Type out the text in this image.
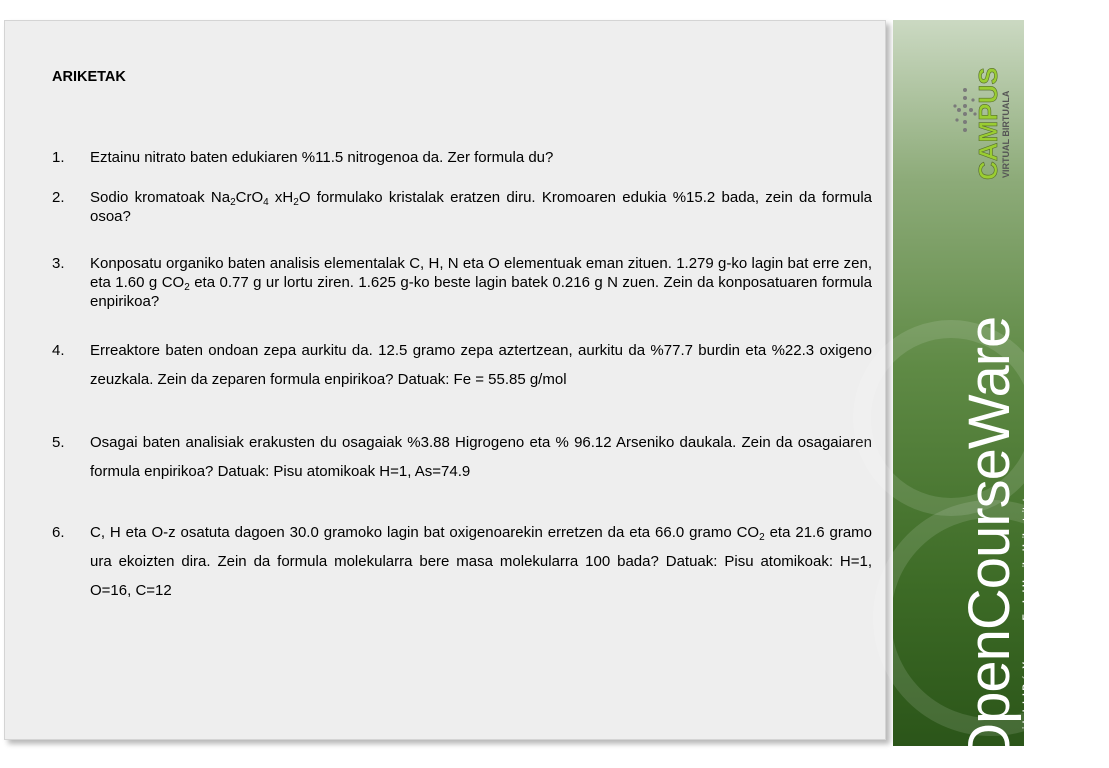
ARIKETAK
1.	Eztainu nitrato baten edukiaren %11.5 nitrogenoa da. Zer formula du?
2.	Sodio kromatoak $Na_2CrO_4$ $xH_2O$ formulako kristalak eratzen diru. Kromoaren edukia %15.2 bada, zein da formula osoa?
3.	Konposatu organiko baten analisis elementalak C, H, N eta O elementuak eman zituen. 1.279 g-ko lagin bat erre zen, eta 1.60 g $CO_2$ eta 0.77 g ur lortu ziren. 1.625 g-ko beste lagin batek 0.216 g N zuen. Zein da konposatuaren formula enpirikoa?
4.	Erreaktore baten ondoan zepa aurkitu da. 12.5 gramo zepa aztertzean, aurkitu da %77.7 burdin eta %22.3 oxigeno zeuzkala. Zein da zeparen formula enpirikoa? Datuak: Fe = 55.85 g/mol
5.	Osagai baten analisiak erakusten du osagaiak %3.88 Higrogeno eta % 96.12 Arseniko daukala. Zein da osagaiaren formula enpirikoa? Datuak: Pisu atomikoak H=1, As=74.9
6.	C, H eta O-z osatuta dagoen 30.0 gramoko lagin bat oxigenoarekin erretzen da eta 66.0 gramo $CO_2$ eta 21.6 gramo ura ekoizten dira. Zein da formula molekularra bere masa molekularra 100 bada? Datuak: Pisu atomikoak: H=1, O=16, C=12
CAMPUS
VIRTUAL BIRTUALA
OpenCourseWare Universidad del País Vasco Euskal Herriko Unibertsitatea
